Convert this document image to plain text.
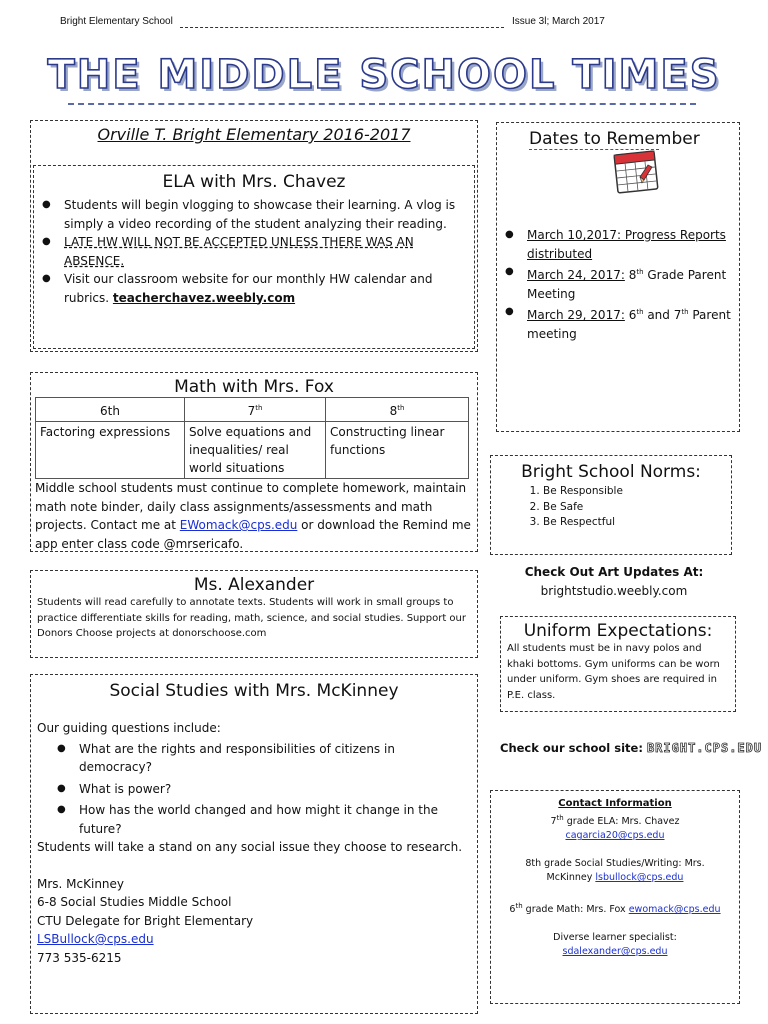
Bright Elementary School	Issue 3l; March 2017
THE MIDDLE SCHOOL TIMES
Orville T. Bright Elementary 2016-2017
ELA with Mrs. Chavez
● Students will begin vlogging to showcase their learning. A vlog is simply a video recording of the student analyzing their reading.
● LATE HW WILL NOT BE ACCEPTED UNLESS THERE WAS AN ABSENCE.
● Visit our classroom website for our monthly HW calendar and rubrics. teacherchavez.weebly.com
Math with Mrs. Fox
6th	7th	8th
Factoring expressions	Solve equations and inequalities/ real world situations	Constructing linear functions
Middle school students must continue to complete homework, maintain math note binder, daily class assignments/assessments and math projects. Contact me at EWomack@cps.edu or download the Remind me app enter class code @mrsericafo.
Ms. Alexander
Students will read carefully to annotate texts. Students will work in small groups to practice differentiate skills for reading, math, science, and social studies. Support our Donors Choose projects at donorschoose.com
Social Studies with Mrs. McKinney
Our guiding questions include:
● What are the rights and responsibilities of citizens in democracy?
● What is power?
● How has the world changed and how might it change in the future?
Students will take a stand on any social issue they choose to research.
Mrs. McKinney
6-8 Social Studies Middle School
CTU Delegate for Bright Elementary
LSBullock@cps.edu
773 535-6215
Dates to Remember
● March 10,2017: Progress Reports distributed
● March 24, 2017: 8th Grade Parent Meeting
● March 29, 2017: 6th and 7th Parent meeting
Bright School Norms:
1. Be Responsible
2. Be Safe
3. Be Respectful
Check Out Art Updates At:
brightstudio.weebly.com
Uniform Expectations:
All students must be in navy polos and khaki bottoms. Gym uniforms can be worn under uniform. Gym shoes are required in P.E. class.
Check our school site: BRIGHT.CPS.EDU
Contact Information
7th grade ELA: Mrs. Chavez
cagarcia20@cps.edu
8th grade Social Studies/Writing: Mrs. McKinney lsbullock@cps.edu
6th grade Math: Mrs. Fox ewomack@cps.edu
Diverse learner specialist:
sdalexander@cps.edu
